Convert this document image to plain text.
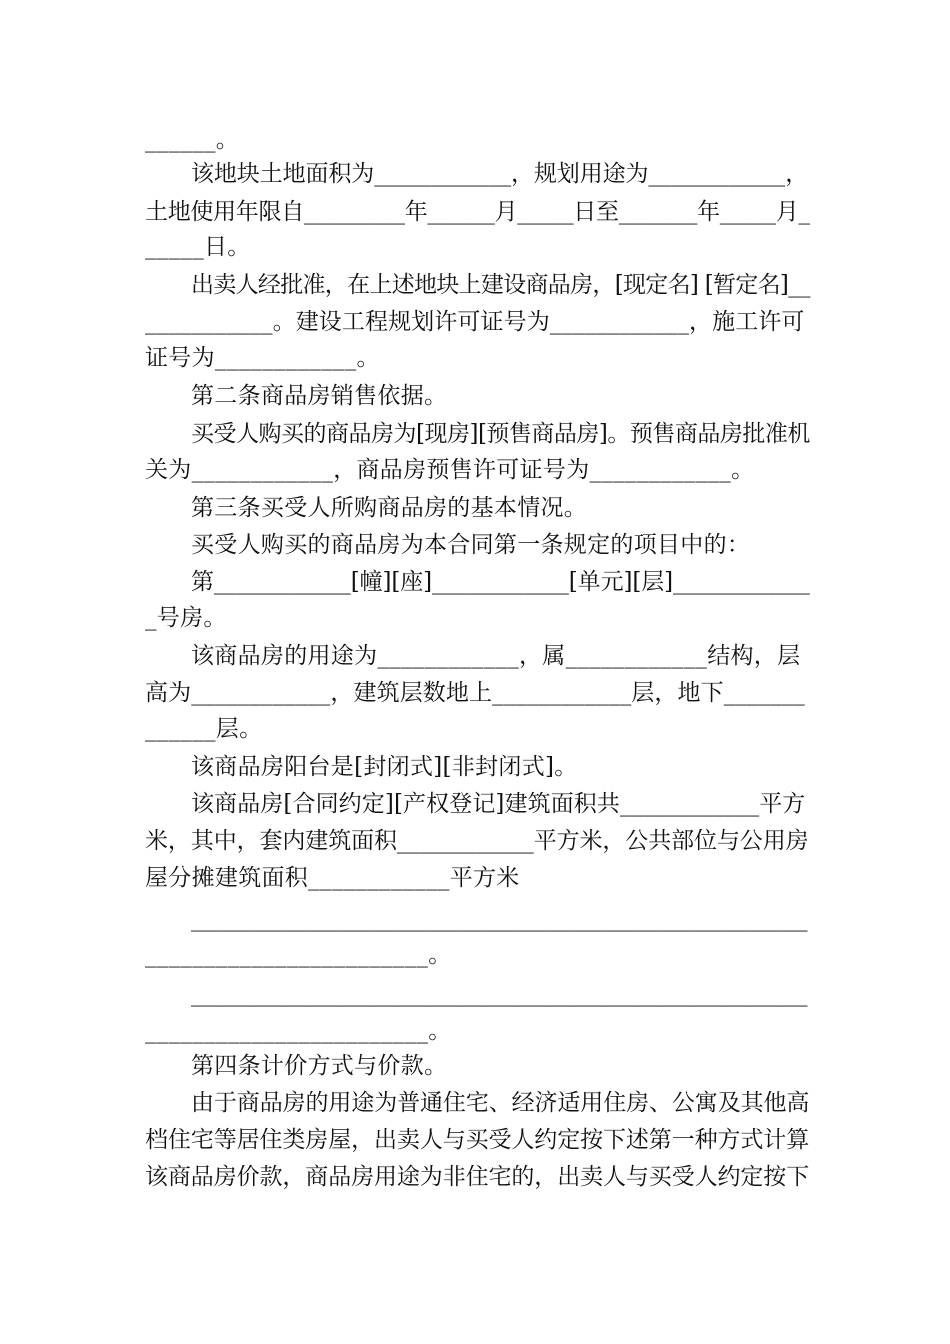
______。
该地块土地面积为____________，规划用途为____________，
土地使用年限自_________年______月_____日至_______年_____月_
_____日。
出卖人经批准，在上述地块上建设商品房，[现定名] [暂定名]__
___________。建设工程规划许可证号为____________，施工许可
证号为____________。
第二条商品房销售依据。
买受人购买的商品房为[现房][预售商品房]。预售商品房批准机
关为____________，商品房预售许可证号为____________。
第三条买受人所购商品房的基本情况。
买受人购买的商品房为本合同第一条规定的项目中的：
第____________[幢][座]____________[单元][层]____________
_号房。
该商品房的用途为____________，属____________结构，层
高为____________，建筑层数地上____________层，地下_______
______层。
该商品房阳台是[封闭式][非封闭式]。
该商品房[合同约定][产权登记]建筑面积共____________平方
米，其中，套内建筑面积____________平方米，公共部位与公用房
屋分摊建筑面积____________平方米
________________________________________________________
________________________。
________________________________________________________
________________________。
第四条计价方式与价款。
由于商品房的用途为普通住宅、经济适用住房、公寓及其他高
档住宅等居住类房屋，出卖人与买受人约定按下述第一种方式计算
该商品房价款，商品房用途为非住宅的，出卖人与买受人约定按下
